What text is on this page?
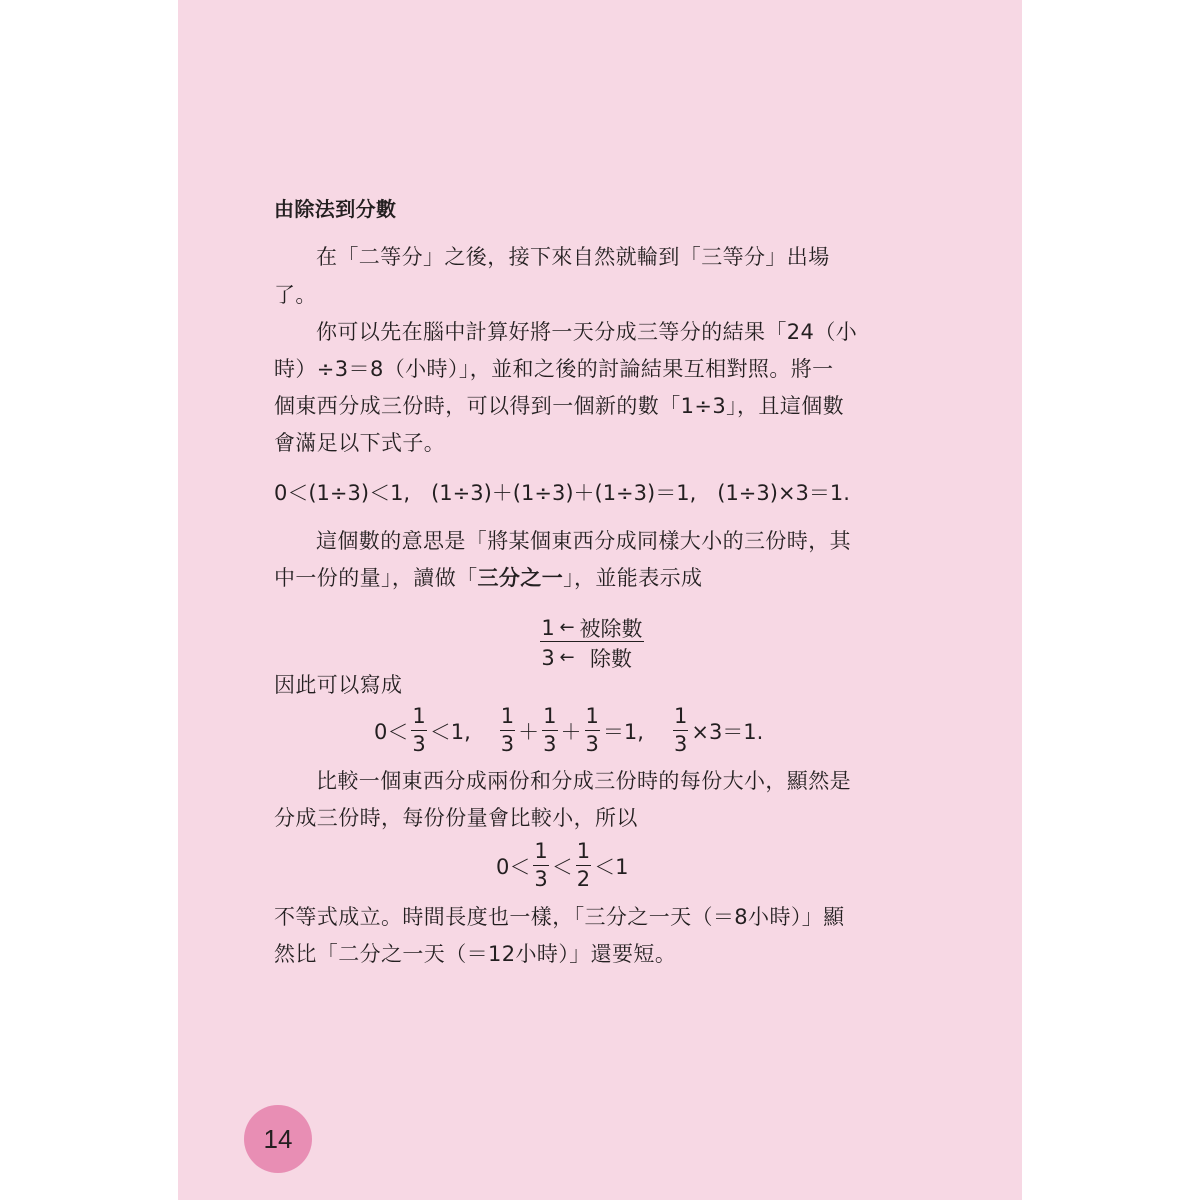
由除法到分數
在「二等分」之後，接下來自然就輪到「三等分」出場
了。
你可以先在腦中計算好將一天分成三等分的結果「24（小
時）÷3＝8（小時）」，並和之後的討論結果互相對照。將一
個東西分成三份時，可以得到一個新的數「1÷3」，且這個數
會滿足以下式子。
0＜(1÷3)＜1,　(1÷3)＋(1÷3)＋(1÷3)＝1,　(1÷3)×3＝1.
這個數的意思是「將某個東西分成同樣大小的三份時，其
中一份的量」，讀做「三分之一」，並能表示成
1 ← 被除數
3 ← 除數
因此可以寫成
$0< \frac{1}{3} <1$, $\frac{1}{3} + \frac{1}{3} + \frac{1}{3} =1$, $\frac{1}{3} \times 3=1$.
比較一個東西分成兩份和分成三份時的每份大小，顯然是
分成三份時，每份份量會比較小，所以
$0< \frac{1}{3} < \frac{1}{2} <1$
不等式成立。時間長度也一樣，「三分之一天（＝8小時）」顯
然比「二分之一天（＝12小時）」還要短。
14
